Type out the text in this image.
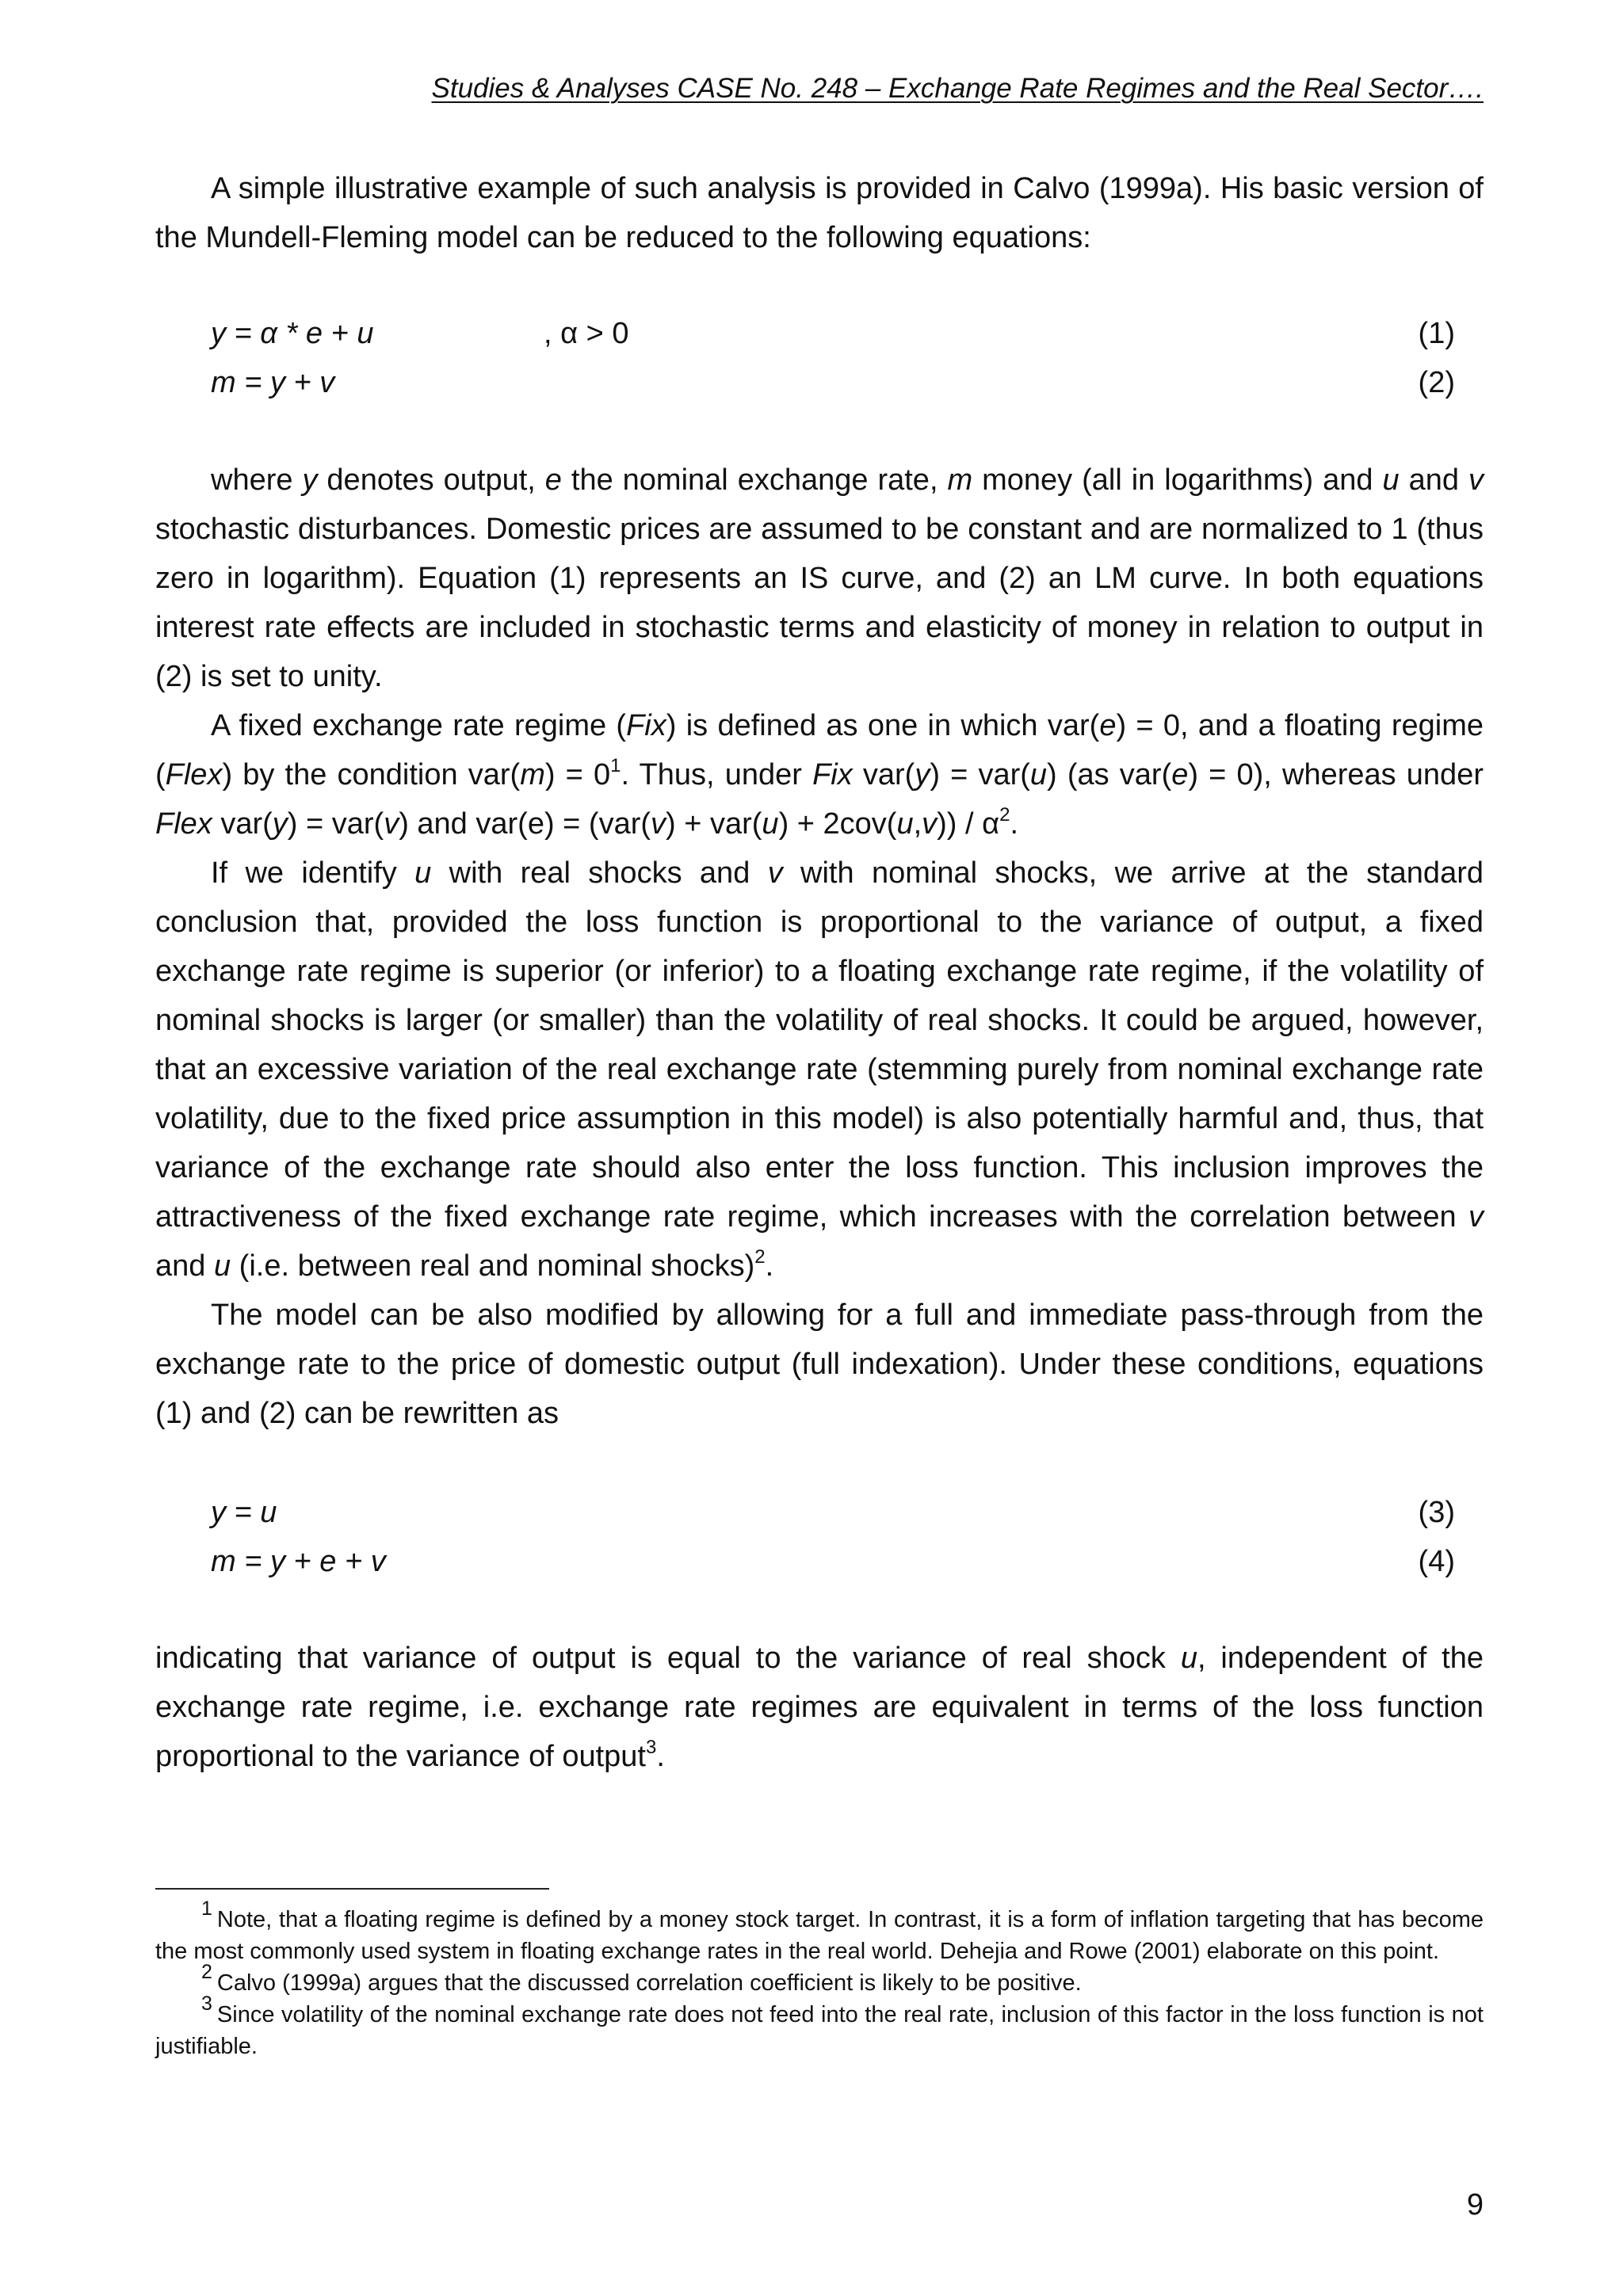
Studies & Analyses CASE No. 248 – Exchange Rate Regimes and the Real Sector….

A simple illustrative example of such analysis is provided in Calvo (1999a). His basic version of the Mundell-Fleming model can be reduced to the following equations:

y = α * e + u	, α > 0	(1)
m = y + v	(2)

where y denotes output, e the nominal exchange rate, m money (all in logarithms) and u and v stochastic disturbances. Domestic prices are assumed to be constant and are normalized to 1 (thus zero in logarithm). Equation (1) represents an IS curve, and (2) an LM curve. In both equations interest rate effects are included in stochastic terms and elasticity of money in relation to output in (2) is set to unity.

A fixed exchange rate regime (Fix) is defined as one in which var(e) = 0, and a floating regime (Flex) by the condition $var(m) = 0^1$. Thus, under Fix var(y) = var(u) (as var(e) = 0), whereas under Flex var(y) = var(v) and $var(e) = (var(v) + var(u) + 2cov(u,v)) / \alpha^2$.

If we identify u with real shocks and v with nominal shocks, we arrive at the standard conclusion that, provided the loss function is proportional to the variance of output, a fixed exchange rate regime is superior (or inferior) to a floating exchange rate regime, if the volatility of nominal shocks is larger (or smaller) than the volatility of real shocks. It could be argued, however, that an excessive variation of the real exchange rate (stemming purely from nominal exchange rate volatility, due to the fixed price assumption in this model) is also potentially harmful and, thus, that variance of the exchange rate should also enter the loss function. This inclusion improves the attractiveness of the fixed exchange rate regime, which increases with the correlation between v and u (i.e. between real and nominal shocks)$^2$.

The model can be also modified by allowing for a full and immediate pass-through from the exchange rate to the price of domestic output (full indexation). Under these conditions, equations (1) and (2) can be rewritten as

y = u	(3)
m = y + e + v	(4)

indicating that variance of output is equal to the variance of real shock u, independent of the exchange rate regime, i.e. exchange rate regimes are equivalent in terms of the loss function proportional to the variance of output$^3$.

$^1$ Note, that a floating regime is defined by a money stock target. In contrast, it is a form of inflation targeting that has become the most commonly used system in floating exchange rates in the real world. Dehejia and Rowe (2001) elaborate on this point.

$^2$ Calvo (1999a) argues that the discussed correlation coefficient is likely to be positive.

$^3$ Since volatility of the nominal exchange rate does not feed into the real rate, inclusion of this factor in the loss function is not justifiable.

9
